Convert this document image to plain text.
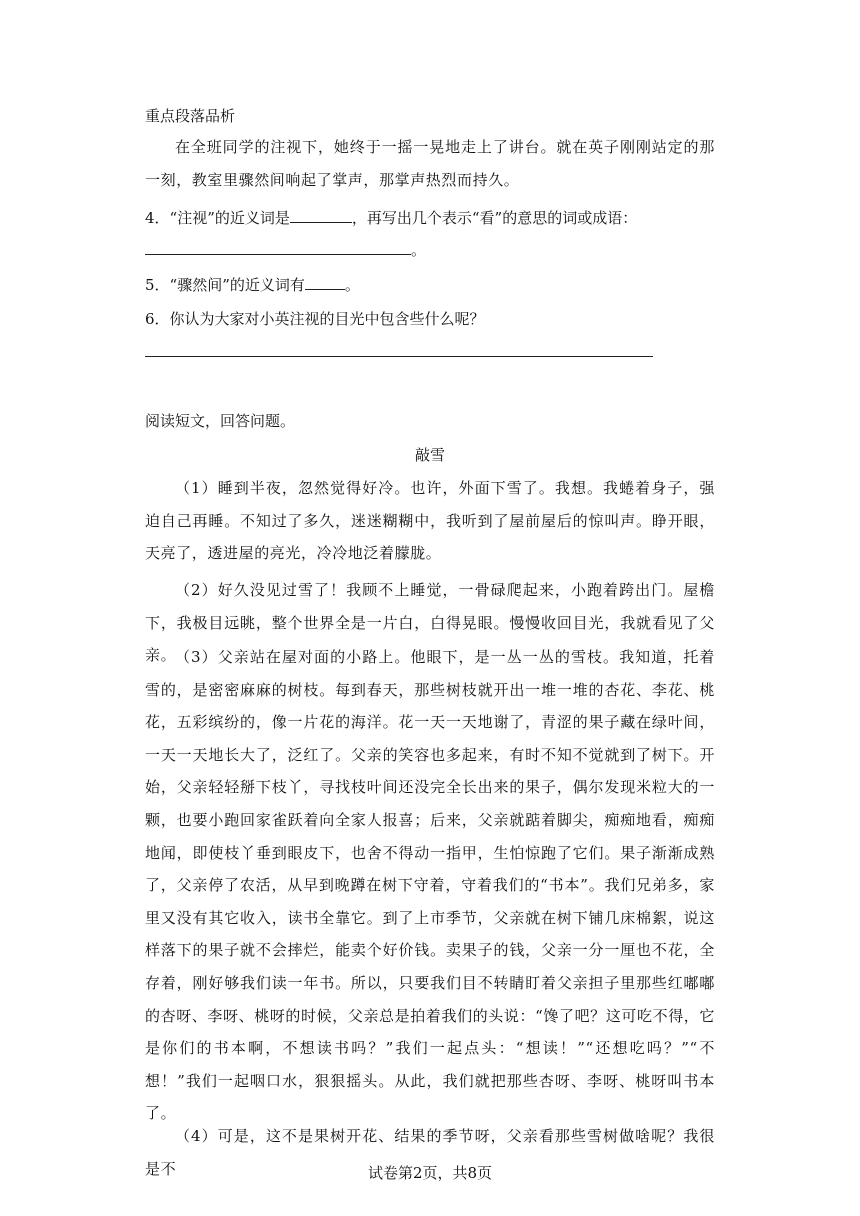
重点段落品析
在全班同学的注视下，她终于一摇一晃地走上了讲台。就在英子刚刚站定的那一刻，教室里骤然间响起了掌声，那掌声热烈而持久。
4．“注视”的近义词是	，再写出几个表示“看”的意思的词或成语：
。
5．“骤然间”的近义词有	。
6．你认为大家对小英注视的目光中包含些什么呢？
阅读短文，回答问题。
敲雪
（1）睡到半夜，忽然觉得好冷。也许，外面下雪了。我想。我蜷着身子，强迫自己再睡。不知过了多久，迷迷糊糊中，我听到了屋前屋后的惊叫声。睁开眼，天亮了，透进屋的亮光，冷冷地泛着朦胧。
（2）好久没见过雪了！我顾不上睡觉，一骨碌爬起来，小跑着跨出门。屋檐下，我极目远眺，整个世界全是一片白，白得晃眼。慢慢收回目光，我就看见了父亲。
（3）父亲站在屋对面的小路上。他眼下，是一丛一丛的雪枝。我知道，托着雪的，是密密麻麻的树枝。每到春天，那些树枝就开出一堆一堆的杏花、李花、桃花，五彩缤纷的，像一片花的海洋。花一天一天地谢了，青涩的果子藏在绿叶间，一天一天地长大了，泛红了。父亲的笑容也多起来，有时不知不觉就到了树下。开始，父亲轻轻掰下枝丫，寻找枝叶间还没完全长出来的果子，偶尔发现米粒大的一颗，也要小跑回家雀跃着向全家人报喜；后来，父亲就踮着脚尖，痴痴地看，痴痴地闻，即使枝丫垂到眼皮下，也舍不得动一指甲，生怕惊跑了它们。果子渐渐成熟了，父亲停了农活，从早到晚蹲在树下守着，守着我们的“书本”。我们兄弟多，家里又没有其它收入，读书全靠它。到了上市季节，父亲就在树下铺几床棉絮，说这样落下的果子就不会摔烂，能卖个好价钱。卖果子的钱，父亲一分一厘也不花，全存着，刚好够我们读一年书。所以，只要我们目不转睛盯着父亲担子里那些红嘟嘟的杏呀、李呀、桃呀的时候，父亲总是拍着我们的头说：“馋了吧？这可吃不得，它是你们的书本啊，不想读书吗？”我们一起点头：“想读！”“还想吃吗？”“不想！”我们一起咽口水，狠狠摇头。从此，我们就把那些杏呀、李呀、桃呀叫书本了。
（4）可是，这不是果树开花、结果的季节呀，父亲看那些雪树做啥呢？我很是不	试卷第2页，共8页
